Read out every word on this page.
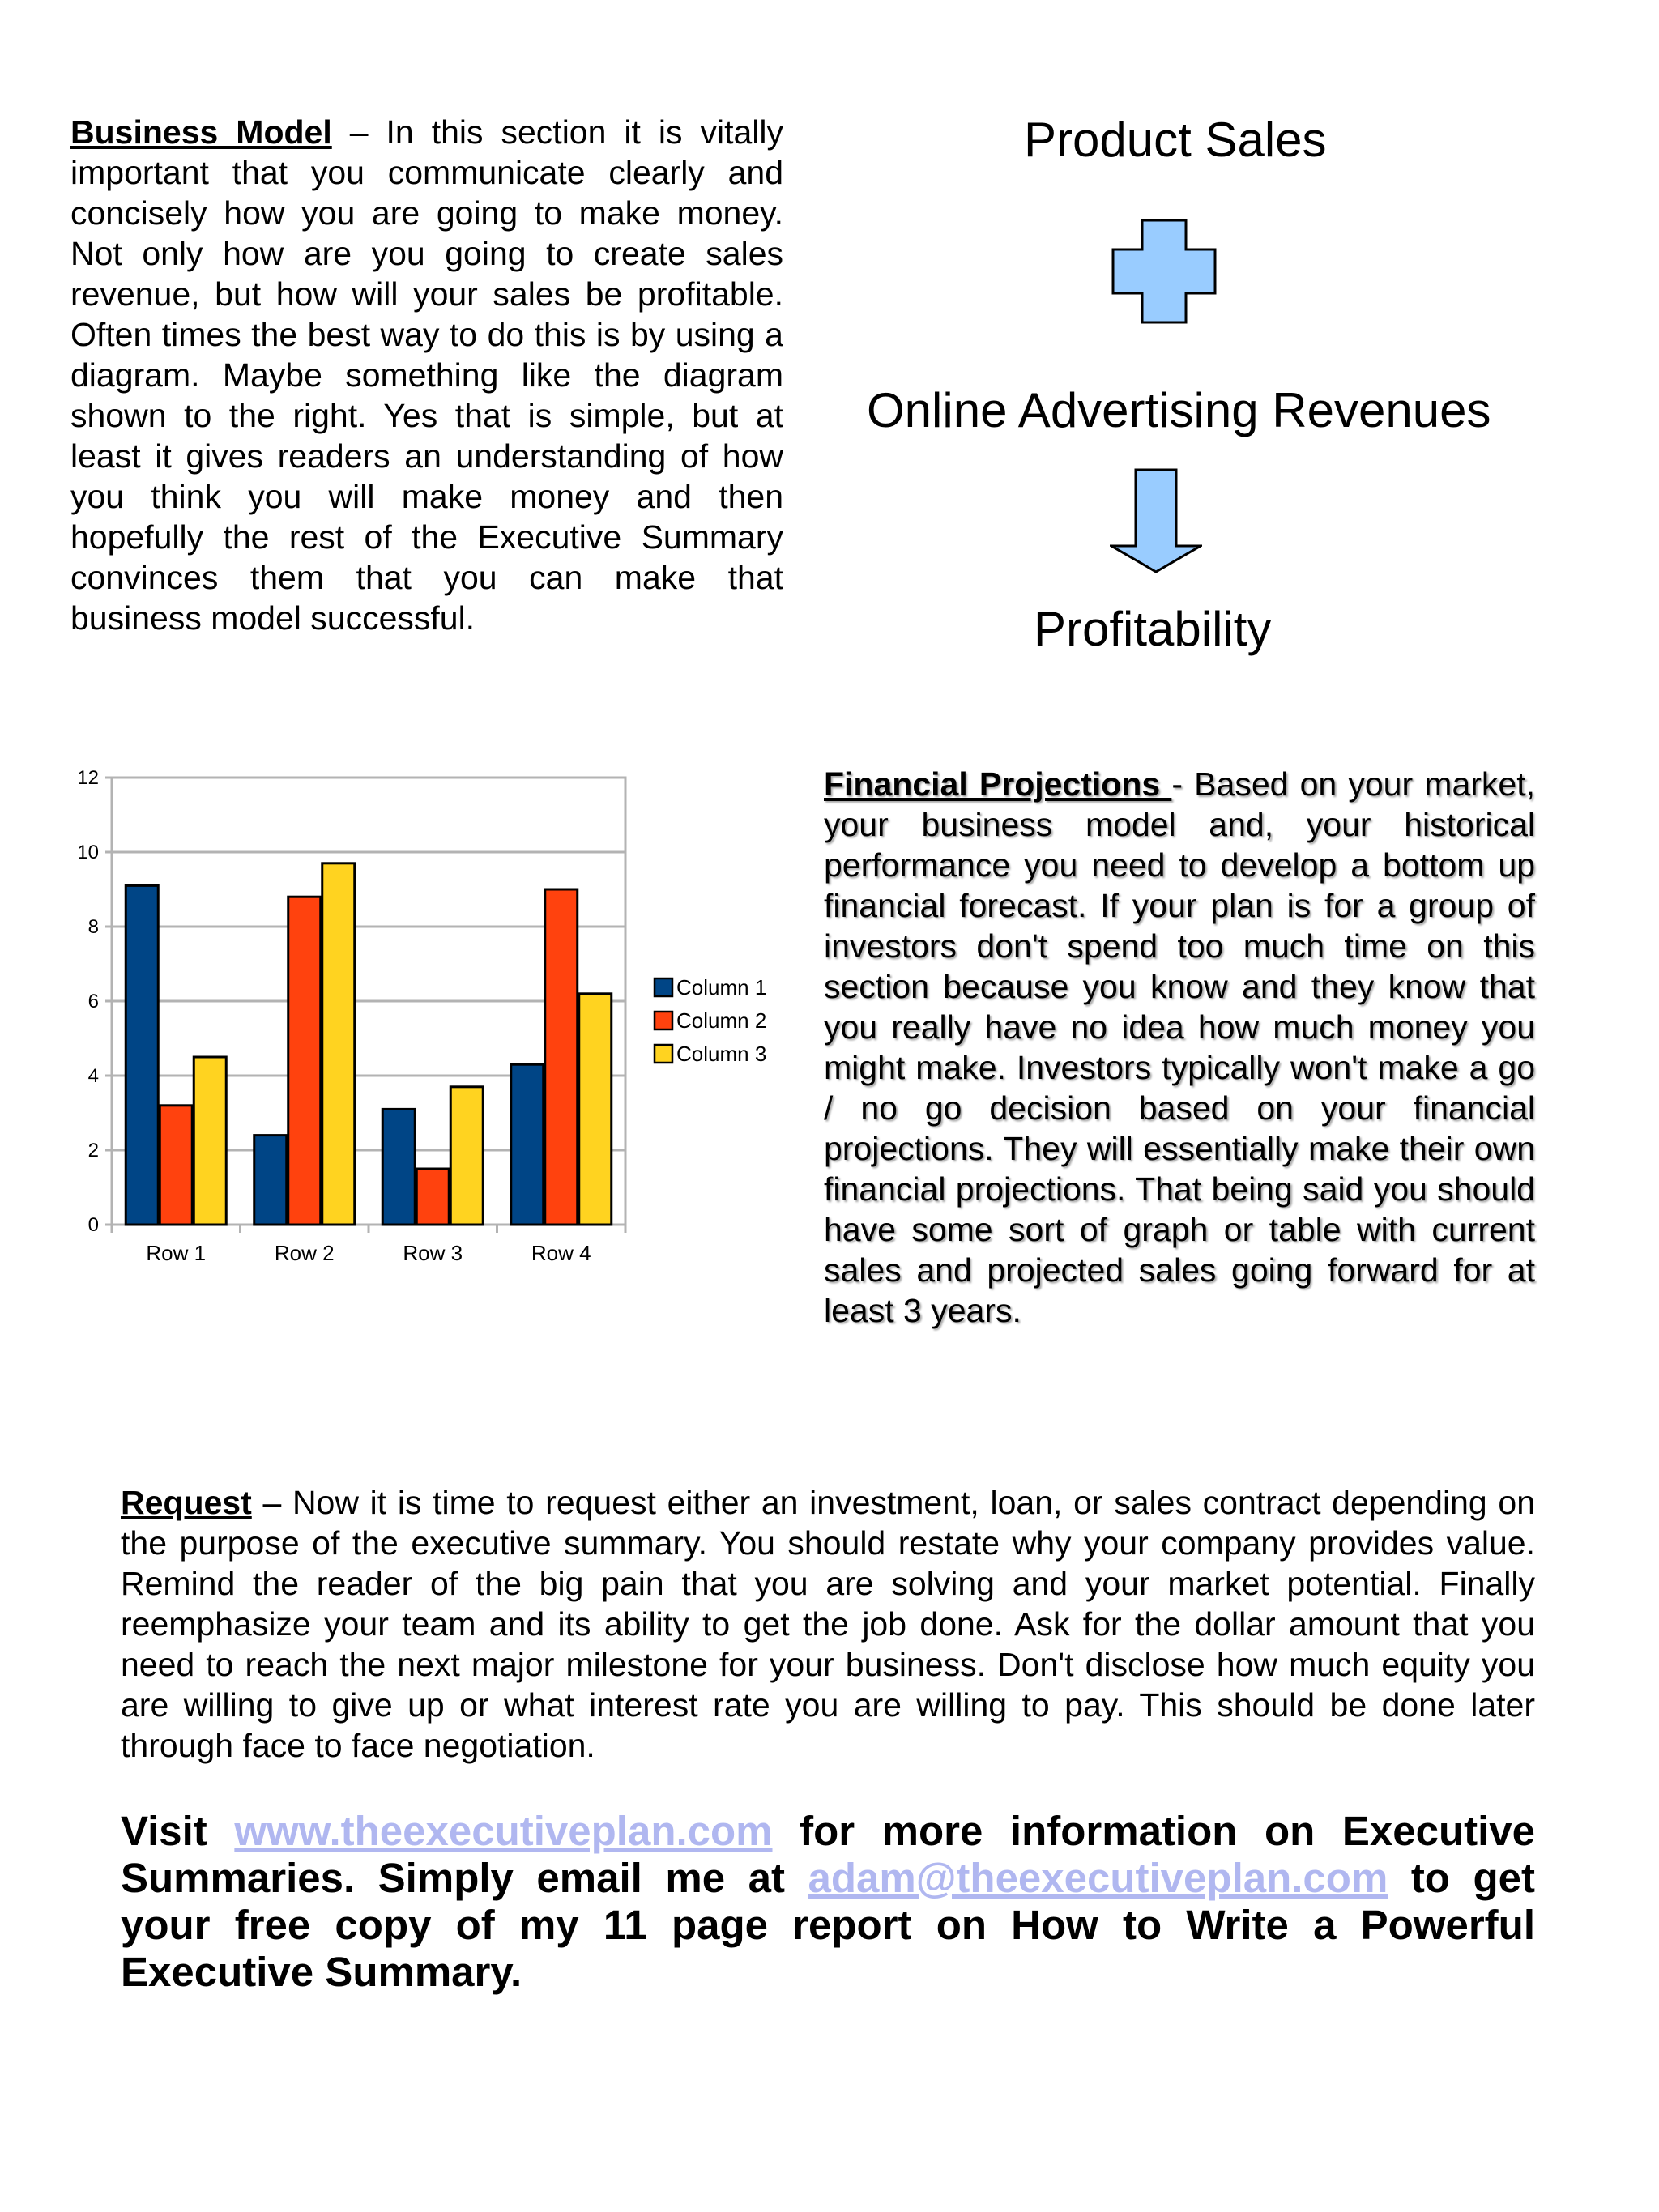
Business Model – In this section it is vitally important that you communicate clearly and concisely how you are going to make money. Not only how are you going to create sales revenue, but how will your sales be profitable. Often times the best way to do this is by using a diagram. Maybe something like the diagram shown to the right. Yes that is simple, but at least it gives readers an understanding of how you think you will make money and then hopefully the rest of the Executive Summary convinces them that you can make that business model successful.
Product Sales
Online Advertising Revenues
Profitability
0
2
4
6
8
10
12
Row 1	Row 2	Row 3	Row 4
Column 1
Column 2
Column 3
Financial Projections - Based on your market, your business model and, your historical performance you need to develop a bottom up financial forecast. If your plan is for a group of investors don't spend too much time on this section because you know and they know that you really have no idea how much money you might make. Investors typically won't make a go / no go decision based on your financial projections. They will essentially make their own financial projections. That being said you should have some sort of graph or table with current sales and projected sales going forward for at least 3 years.
Request – Now it is time to request either an investment, loan, or sales contract depending on the purpose of the executive summary. You should restate why your company provides value. Remind the reader of the big pain that you are solving and your market potential. Finally reemphasize your team and its ability to get the job done. Ask for the dollar amount that you need to reach the next major milestone for your business. Don't disclose how much equity you are willing to give up or what interest rate you are willing to pay. This should be done later through face to face negotiation.
Visit www.theexecutiveplan.com for more information on Executive Summaries. Simply email me at adam@theexecutiveplan.com to get your free copy of my 11 page report on How to Write a Powerful Executive Summary.
